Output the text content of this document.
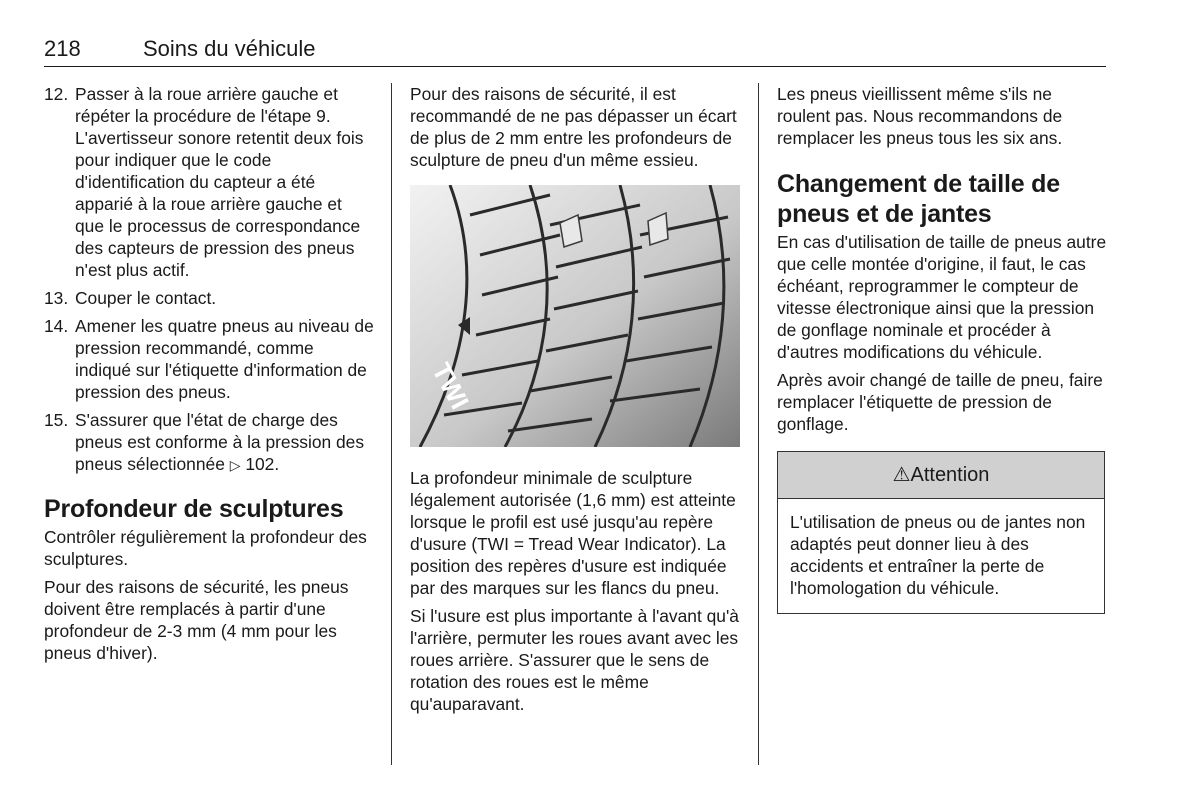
218	Soins du véhicule
12. Passer à la roue arrière gauche et répéter la procédure de l'étape 9. L'avertisseur sonore retentit deux fois pour indiquer que le code d'identification du capteur a été apparié à la roue arrière gauche et que le processus de correspondance des capteurs de pression des pneus n'est plus actif.
13. Couper le contact.
14. Amener les quatre pneus au niveau de pression recommandé, comme indiqué sur l'étiquette d'information de pression des pneus.
15. S'assurer que l'état de charge des pneus est conforme à la pression des pneus sélectionnée ▷ 102.
Profondeur de sculptures

Contrôler régulièrement la profondeur des sculptures.

Pour des raisons de sécurité, les pneus doivent être remplacés à partir d'une profondeur de 2-3 mm (4 mm pour les pneus d'hiver).

Pour des raisons de sécurité, il est recommandé de ne pas dépasser un écart de plus de 2 mm entre les profondeurs de sculpture de pneu d'un même essieu.

TWI

La profondeur minimale de sculpture légalement autorisée (1,6 mm) est atteinte lorsque le profil est usé jusqu'au repère d'usure (TWI = Tread Wear Indicator). La position des repères d'usure est indiquée par des marques sur les flancs du pneu.

Si l'usure est plus importante à l'avant qu'à l'arrière, permuter les roues avant avec les roues arrière. S'assurer que le sens de rotation des roues est le même qu'auparavant.

Les pneus vieillissent même s'ils ne roulent pas. Nous recommandons de remplacer les pneus tous les six ans.

Changement de taille de pneus et de jantes

En cas d'utilisation de taille de pneus autre que celle montée d'origine, il faut, le cas échéant, reprogrammer le compteur de vitesse électronique ainsi que la pression de gonflage nominale et procéder à d'autres modifications du véhicule.

Après avoir changé de taille de pneu, faire remplacer l'étiquette de pression de gonflage.

⚠Attention
L'utilisation de pneus ou de jantes non adaptés peut donner lieu à des accidents et entraîner la perte de l'homologation du véhicule.
